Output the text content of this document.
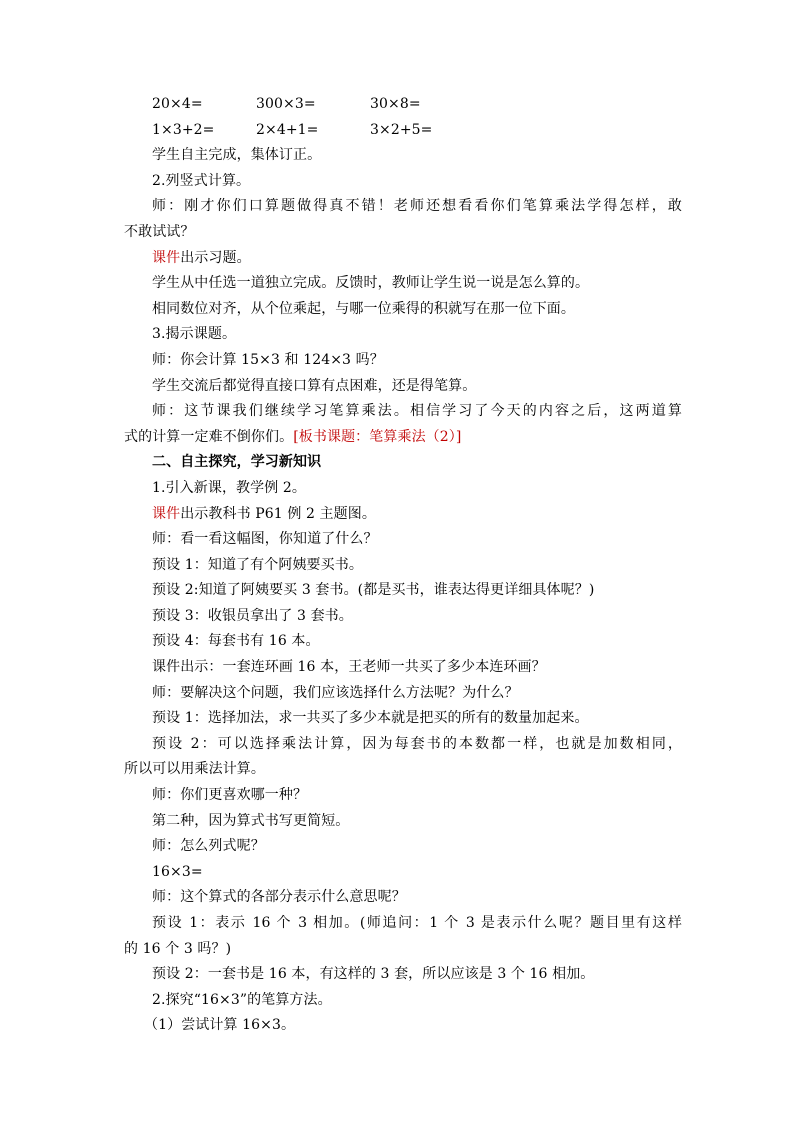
20×4=	300×3=	30×8=
1×3+2=	2×4+1=	3×2+5=
学生自主完成，集体订正。
2.列竖式计算。
师：刚才你们口算题做得真不错！老师还想看看你们笔算乘法学得怎样，敢
不敢试试？
课件出示习题。
学生从中任选一道独立完成。反馈时，教师让学生说一说是怎么算的。
相同数位对齐，从个位乘起，与哪一位乘得的积就写在那一位下面。
3.揭示课题。
师：你会计算 15×3 和 124×3 吗？
学生交流后都觉得直接口算有点困难，还是得笔算。
师：这节课我们继续学习笔算乘法。相信学习了今天的内容之后，这两道算
式的计算一定难不倒你们。[板书课题：笔算乘法（2）]
二、自主探究，学习新知识
1.引入新课，教学例 2。
课件出示教科书 P61 例 2 主题图。
师：看一看这幅图，你知道了什么？
预设 1：知道了有个阿姨要买书。
预设 2:知道了阿姨要买 3 套书。(都是买书，谁表达得更详细具体呢？)
预设 3：收银员拿出了 3 套书。
预设 4：每套书有 16 本。
课件出示：一套连环画 16 本，王老师一共买了多少本连环画？
师：要解决这个问题，我们应该选择什么方法呢？为什么？
预设 1：选择加法，求一共买了多少本就是把买的所有的数量加起来。
预设 2：可以选择乘法计算，因为每套书的本数都一样，也就是加数相同，
所以可以用乘法计算。
师：你们更喜欢哪一种？
第二种，因为算式书写更简短。
师：怎么列式呢？
16×3=
师：这个算式的各部分表示什么意思呢？
预设 1：表示 16 个 3 相加。(师追问：1 个 3 是表示什么呢？题目里有这样
的 16 个 3 吗？)
预设 2：一套书是 16 本，有这样的 3 套，所以应该是 3 个 16 相加。
2.探究“16×3”的笔算方法。
（1）尝试计算 16×3。
